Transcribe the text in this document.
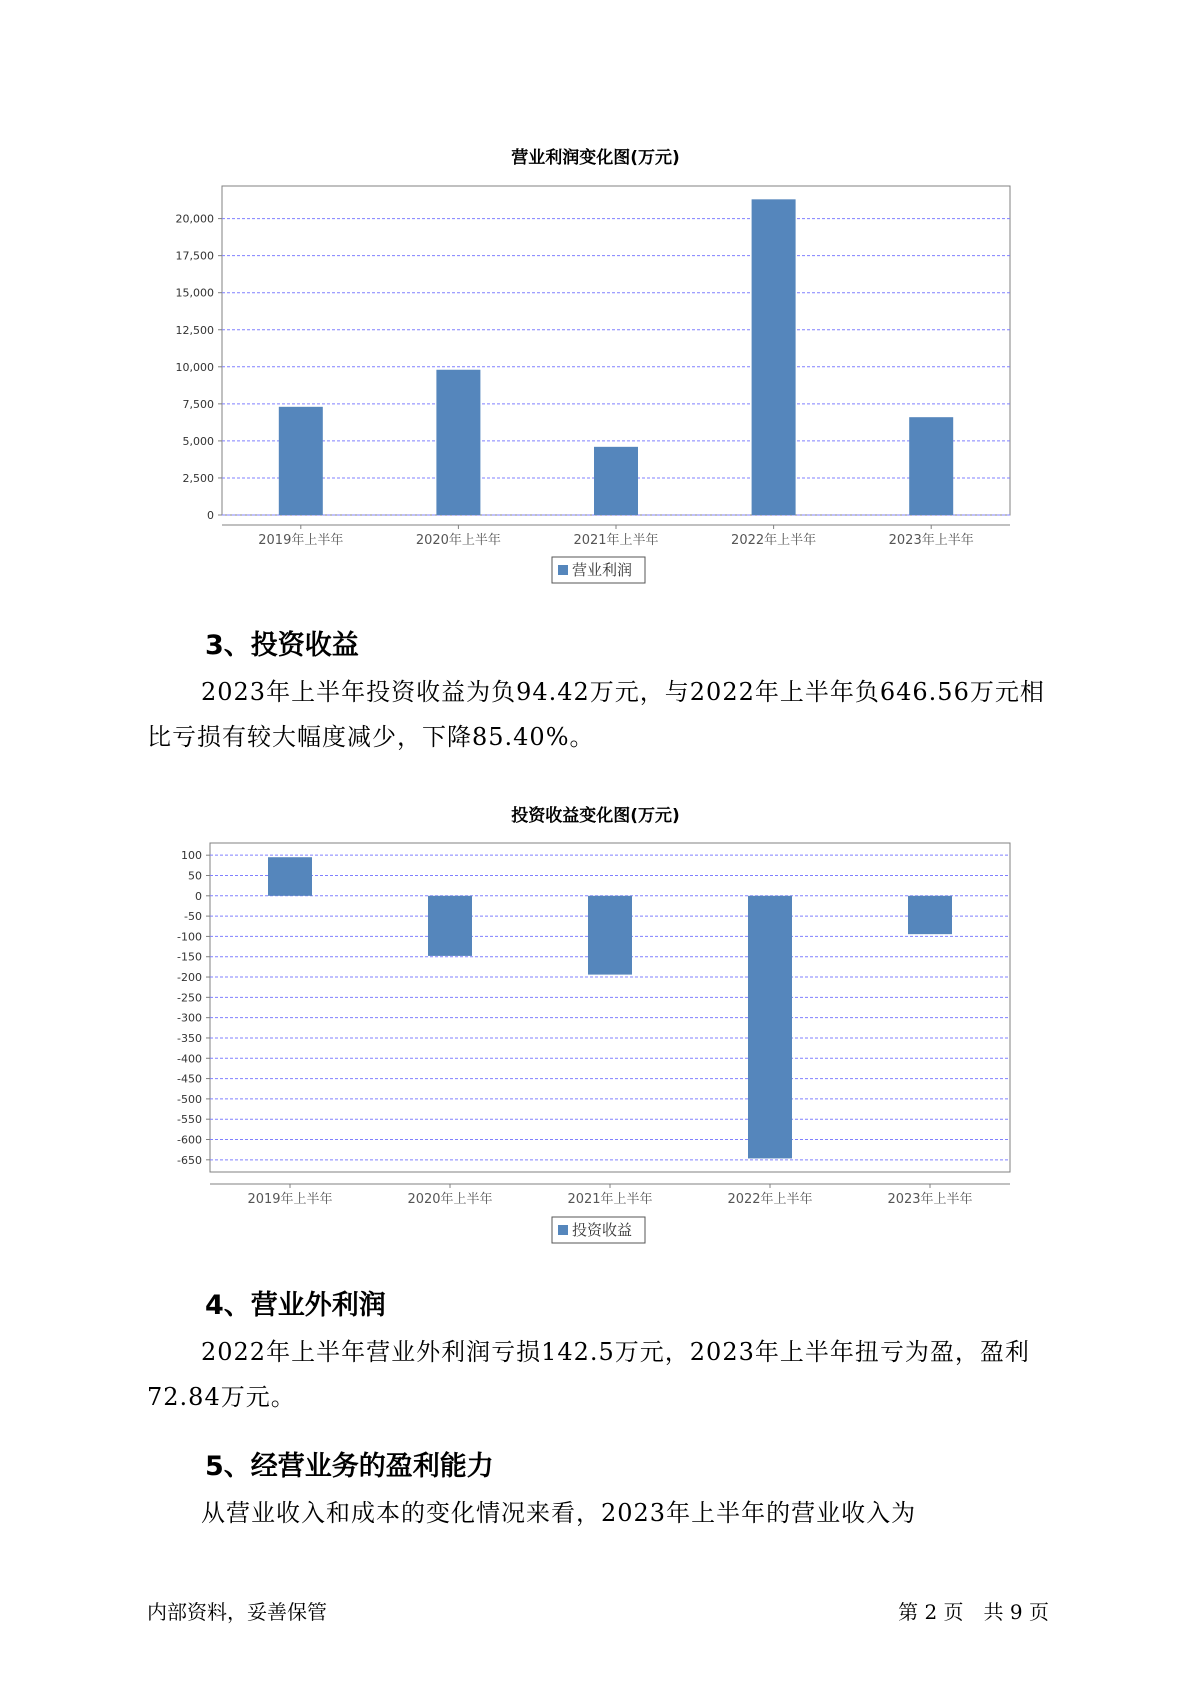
营业利润变化图(万元)
0
2,500
5,000
7,500
10,000
12,500
15,000
17,500
20,000
2019年上半年	2020年上半年	2021年上半年	2022年上半年	2023年上半年
营业利润
3、投资收益
2023年上半年投资收益为负94.42万元，与2022年上半年负646.56万元相比亏损有较大幅度减少，下降85.40%。
投资收益变化图(万元)
100
50
0
-50
-100
-150
-200
-250
-300
-350
-400
-450
-500
-550
-600
-650
2019年上半年	2020年上半年	2021年上半年	2022年上半年	2023年上半年
投资收益
4、营业外利润
2022年上半年营业外利润亏损142.5万元，2023年上半年扭亏为盈，盈利72.84万元。
5、经营业务的盈利能力
从营业收入和成本的变化情况来看，2023年上半年的营业收入为
内部资料，妥善保管	第 2 页　共 9 页
